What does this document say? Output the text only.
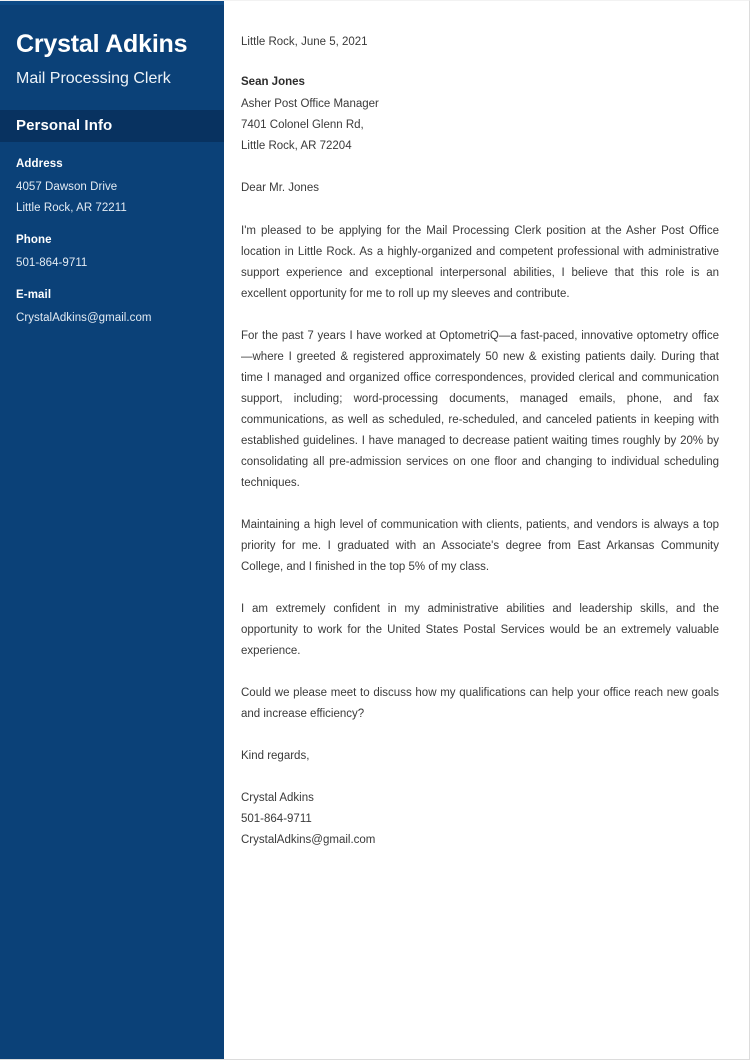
Crystal Adkins
Mail Processing Clerk
Personal Info
Address
4057 Dawson Drive
Little Rock, AR 72211
Phone
501-864-9711
E-mail
CrystalAdkins@gmail.com
Little Rock, June 5, 2021
Sean Jones
Asher Post Office Manager
7401 Colonel Glenn Rd,
Little Rock, AR 72204
Dear Mr. Jones

I'm pleased to be applying for the Mail Processing Clerk position at the Asher Post Office location in Little Rock. As a highly-organized and competent professional with administrative support experience and exceptional interpersonal abilities, I believe that this role is an excellent opportunity for me to roll up my sleeves and contribute.

For the past 7 years I have worked at OptometriQ—a fast-paced, innovative optometry office—where I greeted & registered approximately 50 new & existing patients daily. During that time I managed and organized office correspondences, provided clerical and communication support, including; word-processing documents, managed emails, phone, and fax communications, as well as scheduled, re-scheduled, and canceled patients in keeping with established guidelines. I have managed to decrease patient waiting times roughly by 20% by consolidating all pre-admission services on one floor and changing to individual scheduling techniques.

Maintaining a high level of communication with clients, patients, and vendors is always a top priority for me. I graduated with an Associate's degree from East Arkansas Community College, and I finished in the top 5% of my class.

I am extremely confident in my administrative abilities and leadership skills, and the opportunity to work for the United States Postal Services would be an extremely valuable experience.

Could we please meet to discuss how my qualifications can help your office reach new goals and increase efficiency?

Kind regards,
Crystal Adkins
501-864-9711
CrystalAdkins@gmail.com
